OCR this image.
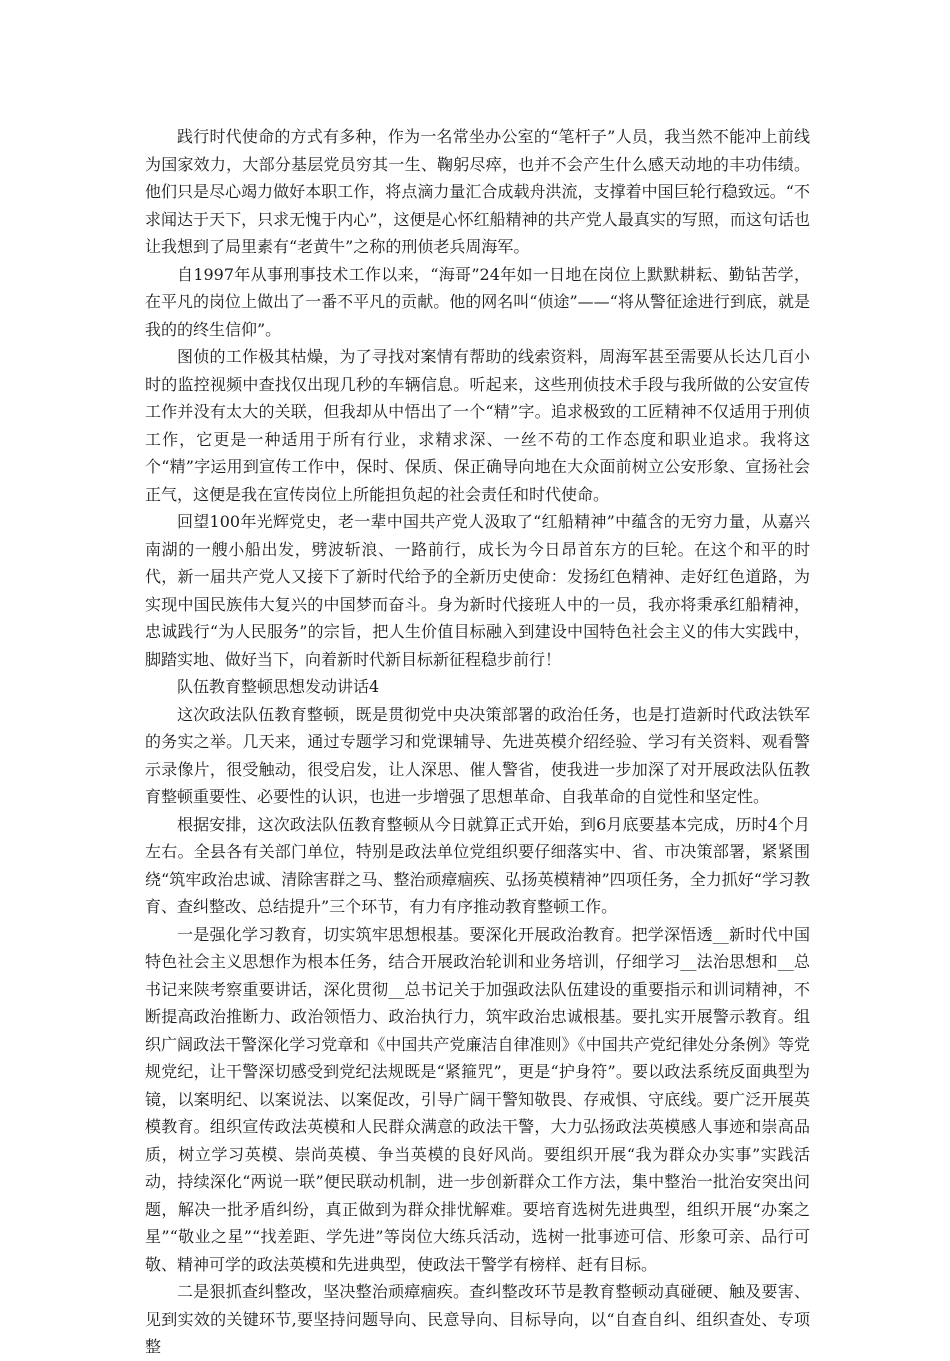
践行时代使命的方式有多种，作为一名常坐办公室的“笔杆子”人员，我当然不能冲上前线为国家效力，大部分基层党员穷其一生、鞠躬尽瘁，也并不会产生什么感天动地的丰功伟绩。他们只是尽心竭力做好本职工作，将点滴力量汇合成载舟洪流，支撑着中国巨轮行稳致远。“不求闻达于天下，只求无愧于内心”，这便是心怀红船精神的共产党人最真实的写照，而这句话也让我想到了局里素有“老黄牛”之称的刑侦老兵周海军。

自1997年从事刑事技术工作以来，“海哥”24年如一日地在岗位上默默耕耘、勤钻苦学，在平凡的岗位上做出了一番不平凡的贡献。他的网名叫“侦途”——“将从警征途进行到底，就是我的的终生信仰”。

图侦的工作极其枯燥，为了寻找对案情有帮助的线索资料，周海军甚至需要从长达几百小时的监控视频中查找仅出现几秒的车辆信息。听起来，这些刑侦技术手段与我所做的公安宣传工作并没有太大的关联，但我却从中悟出了一个“精”字。追求极致的工匠精神不仅适用于刑侦工作，它更是一种适用于所有行业，求精求深、一丝不苟的工作态度和职业追求。我将这个“精”字运用到宣传工作中，保时、保质、保正确导向地在大众面前树立公安形象、宣扬社会正气，这便是我在宣传岗位上所能担负起的社会责任和时代使命。

回望100年光辉党史，老一辈中国共产党人汲取了“红船精神”中蕴含的无穷力量，从嘉兴南湖的一艘小船出发，劈波斩浪、一路前行，成长为今日昂首东方的巨轮。在这个和平的时代，新一届共产党人又接下了新时代给予的全新历史使命：发扬红色精神、走好红色道路，为实现中国民族伟大复兴的中国梦而奋斗。身为新时代接班人中的一员，我亦将秉承红船精神，忠诚践行“为人民服务”的宗旨，把人生价值目标融入到建设中国特色社会主义的伟大实践中，脚踏实地、做好当下，向着新时代新目标新征程稳步前行！

队伍教育整顿思想发动讲话4

这次政法队伍教育整顿，既是贯彻党中央决策部署的政治任务，也是打造新时代政法铁军的务实之举。几天来，通过专题学习和党课辅导、先进英模介绍经验、学习有关资料、观看警示录像片，很受触动，很受启发，让人深思、催人警省，使我进一步加深了对开展政法队伍教育整顿重要性、必要性的认识，也进一步增强了思想革命、自我革命的自觉性和坚定性。

根据安排，这次政法队伍教育整顿从今日就算正式开始，到6月底要基本完成，历时4个月左右。全县各有关部门单位，特别是政法单位党组织要仔细落实中、省、市决策部署，紧紧围绕“筑牢政治忠诚、清除害群之马、整治顽瘴痼疾、弘扬英模精神”四项任务，全力抓好“学习教育、查纠整改、总结提升”三个环节，有力有序推动教育整顿工作。

一是强化学习教育，切实筑牢思想根基。要深化开展政治教育。把学深悟透__新时代中国特色社会主义思想作为根本任务，结合开展政治轮训和业务培训，仔细学习__法治思想和__总书记来陕考察重要讲话，深化贯彻__总书记关于加强政法队伍建设的重要指示和训词精神，不断提高政治推断力、政治领悟力、政治执行力，筑牢政治忠诚根基。要扎实开展警示教育。组织广阔政法干警深化学习党章和《中国共产党廉洁自律准则》《中国共产党纪律处分条例》等党规党纪，让干警深切感受到党纪法规既是“紧箍咒”，更是“护身符”。要以政法系统反面典型为镜，以案明纪、以案说法、以案促改，引导广阔干警知敬畏、存戒惧、守底线。要广泛开展英模教育。组织宣传政法英模和人民群众满意的政法干警，大力弘扬政法英模感人事迹和崇高品质，树立学习英模、崇尚英模、争当英模的良好风尚。要组织开展“我为群众办实事”实践活动，持续深化“两说一联”便民联动机制，进一步创新群众工作方法，集中整治一批治安突出问题，解决一批矛盾纠纷，真正做到为群众排忧解难。要培育选树先进典型，组织开展“办案之星”“敬业之星”“找差距、学先进”等岗位大练兵活动，选树一批事迹可信、形象可亲、品行可敬、精神可学的政法英模和先进典型，使政法干警学有榜样、赶有目标。

二是狠抓查纠整改，坚决整治顽瘴痼疾。查纠整改环节是教育整顿动真碰硬、触及要害、见到实效的关键环节,要坚持问题导向、民意导向、目标导向，以“自查自纠、组织查处、专项整
